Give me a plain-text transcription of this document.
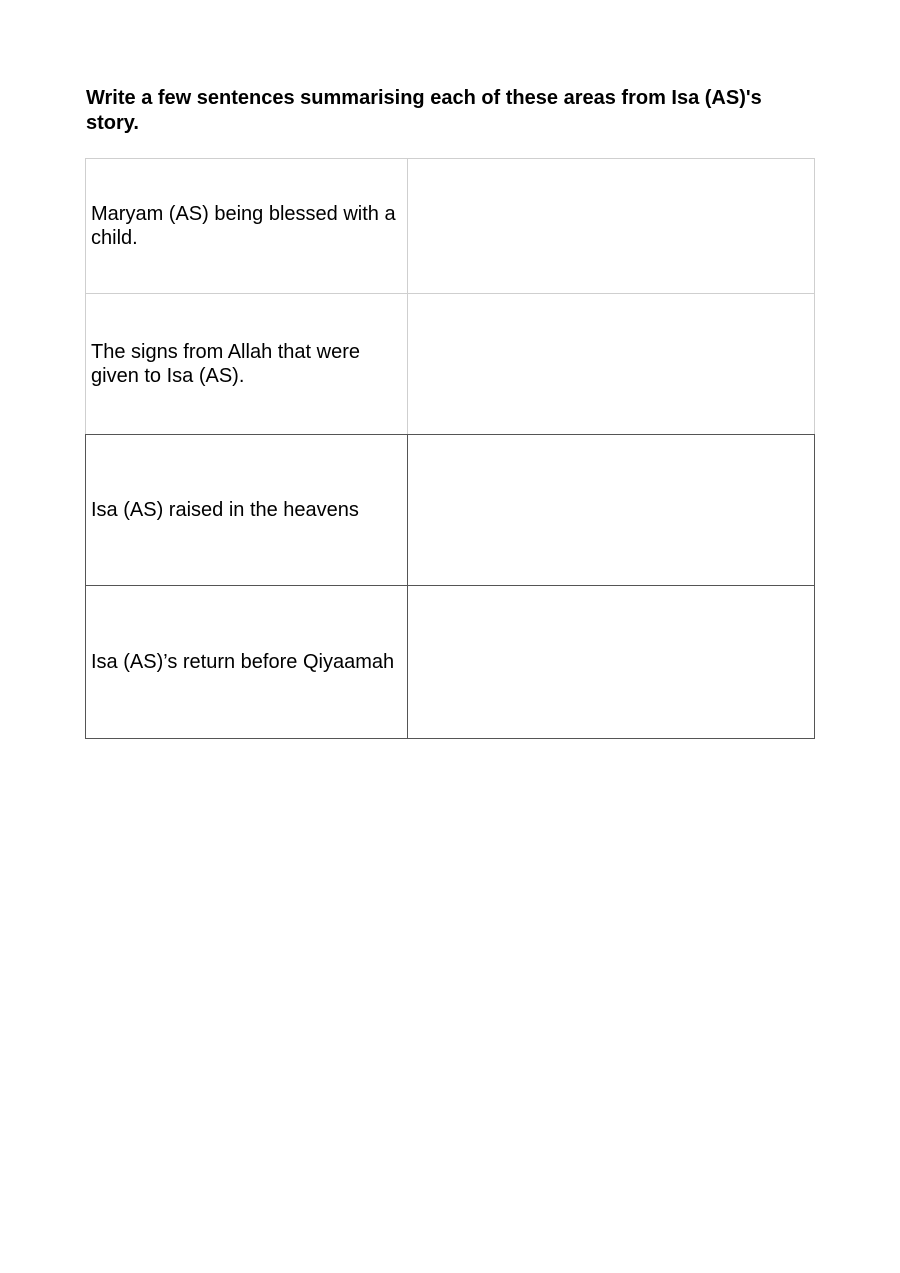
Write a few sentences summarising each of these areas from Isa (AS)'s story.
Maryam (AS) being blessed with a child.
The signs from Allah that were given to Isa (AS).
Isa (AS) raised in the heavens
Isa (AS)’s return before Qiyaamah
